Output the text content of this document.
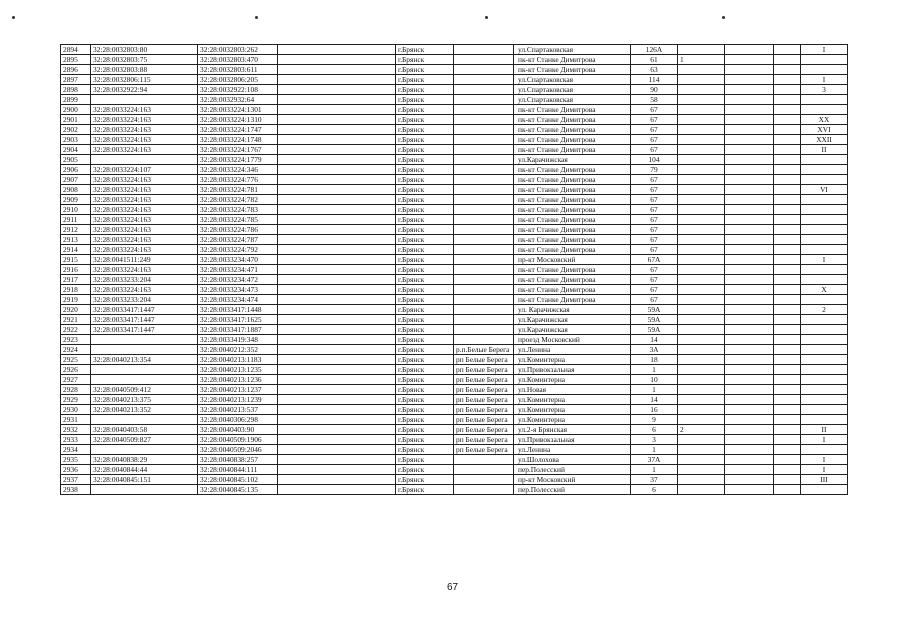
2894	32:28:0032803:80	32:28:0032803:262		г.Брянск		ул.Спартаковская	126А				I
2895	32:28:0032803:75	32:28:0032803:470		г.Брянск		пк-кт Станке Димитрова	61	1			
2896	32:28:0032803:88	32:28:0032803:611		г.Брянск		пк-кт Станке Димитрова	63				
2897	32:28:0032806:115	32:28:0032806:205		г.Брянск		ул.Спартаковская	114				I
2898	32:28:0032922:94	32:28:0032922:108		г.Брянск		ул.Спартаковская	90				3
2899		32:28:0032932:64		г.Брянск		ул.Спартаковская	58				
2900	32:28:0033224:163	32:28:0033224:1301		г.Брянск		пк-кт Станке Димитрова	67				
2901	32:28:0033224:163	32:28:0033224:1310		г.Брянск		пк-кт Станке Димитрова	67				XX
2902	32:28:0033224:163	32:28:0033224:1747		г.Брянск		пк-кт Станке Димитрова	67				XVI
2903	32:28:0033224:163	32:28:0033224:1748		г.Брянск		пк-кт Станке Димитрова	67				XXII
2904	32:28:0033224:163	32:28:0033224:1767		г.Брянск		пк-кт Станке Димитрова	67				II
2905		32:28:0033224:1779		г.Брянск		ул.Карачижская	104				
2906	32:28:0033224:107	32:28:0033224:346		г.Брянск		пк-кт Станке Димитрова	79				
2907	32:28:0033224:163	32:28:0033224:776		г.Брянск		пк-кт Станке Димитрова	67				
2908	32:28:0033224:163	32:28:0033224:781		г.Брянск		пк-кт Станке Димитрова	67				VI
2909	32:28:0033224:163	32:28:0033224:782		г.Брянск		пк-кт Станке Димитрова	67				
2910	32:28:0033224:163	32:28:0033224:783		г.Брянск		пк-кт Станке Димитрова	67				
2911	32:28:0033224:163	32:28:0033224:785		г.Брянск		пк-кт Станке Димитрова	67				
2912	32:28:0033224:163	32:28:0033224:786		г.Брянск		пк-кт Станке Димитрова	67				
2913	32:28:0033224:163	32:28:0033224:787		г.Брянск		пк-кт Станке Димитрова	67				
2914	32:28:0033224:163	32:28:0033224:792		г.Брянск		пк-кт Станке Димитрова	67				
2915	32:28:0041511:249	32:28:0033234:470		г.Брянск		пр-кт Московский	67А				I
2916	32:28:0033224:163	32:28:0033234:471		г.Брянск		пк-кт Станке Димитрова	67				
2917	32:28:0033233:204	32:28:0033234:472		г.Брянск		пк-кт Станке Димитрова	67				
2918	32:28:0033224:163	32:28:0033234:473		г.Брянск		пк-кт Станке Димитрова	67				X
2919	32:28:0033233:204	32:28:0033234:474		г.Брянск		пк-кт Станке Димитрова	67				
2920	32:28:0033417:1447	32:28:0033417:1448		г.Брянск		ул. Карачижская	59А				2
2921	32:28:0033417:1447	32:28:0033417:1625		г.Брянск		ул.Карачижская	59А				
2922	32:28:0033417:1447	32:28:0033417:1887		г.Брянск		ул.Карачижская	59А				
2923		32:28:0033419:348		г.Брянск		проезд Московский	14				
2924		32:28:0040212:352		г.Брянск	р.п.Белые Берега	ул.Ленина	3А				
2925	32:28:0040213:354	32:28:0040213:1183		г.Брянск	рп Белые Берега	ул.Коминтерна	18				
2926		32:28:0040213:1235		г.Брянск	рп Белые Берега	ул.Привокзальная	1				
2927		32:28:0040213:1236		г.Брянск	рп Белые Берега	ул.Коминтерна	10				
2928	32:28:0040509:412	32:28:0040213:1237		г.Брянск	рп Белые Берега	ул.Новая	1				
2929	32:28:0040213:375	32:28:0040213:1239		г.Брянск	рп Белые Берега	ул.Коминтерна	14				
2930	32:28:0040213:352	32:28:0040213:537		г.Брянск	рп Белые Берега	ул.Коминтерна	16				
2931		32:28:0040306:298		г.Брянск	рп Белые Берега	ул.Коминтерна	9				
2932	32:28:0040403:58	32:28:0040403:90		г.Брянск	рп Белые Берега	ул.2-я Брянская	6	2			II
2933	32:28:0040509:827	32:28:0040509:1906		г.Брянск	рп Белые Берега	ул.Привокзальная	3				I
2934		32:28:0040509:2046		г.Брянск	рп Белые Берега	ул.Ленина	1				
2935	32:28:0040838:29	32:28:0040838:257		г.Брянск		ул.Шолохова	37А				I
2936	32:28:0040844:44	32:28:0040844:111		г.Брянск		пер.Полесский	1				I
2937	32:28:0040845:151	32:28:0040845:102		г.Брянск		пр-кт Московский	37				III
2938		32:28:0040845:135		г.Брянск		пер.Полесский	6				
67
